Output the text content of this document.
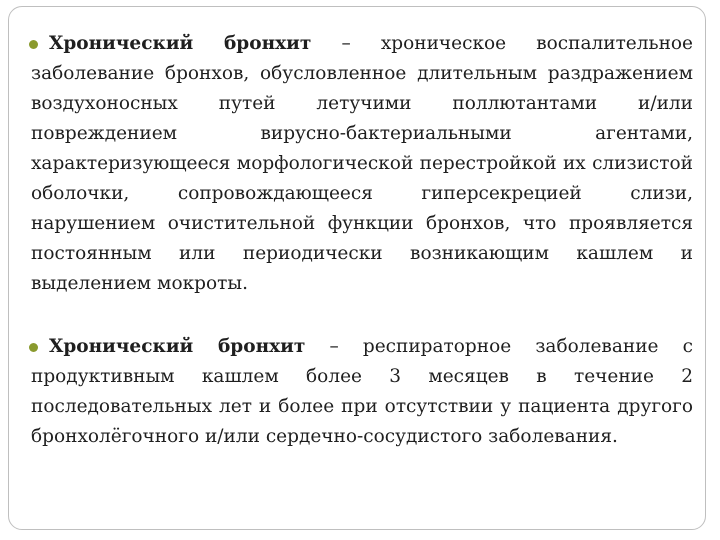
Хронический бронхит – хроническое воспалительное заболевание бронхов, обусловленное длительным раздражением воздухоносных путей летучими поллютантами и/или повреждением вирусно-бактериальными агентами, характеризующееся морфологической перестройкой их слизистой оболочки, сопровождающееся гиперсекрецией слизи, нарушением очистительной функции бронхов, что проявляется постоянным или периодически возникающим кашлем и выделением мокроты.
Хронический бронхит – респираторное заболевание с продуктивным кашлем более 3 месяцев в течение 2 последовательных лет и более при отсутствии у пациента другого бронхолёгочного и/или сердечно-сосудистого заболевания.
